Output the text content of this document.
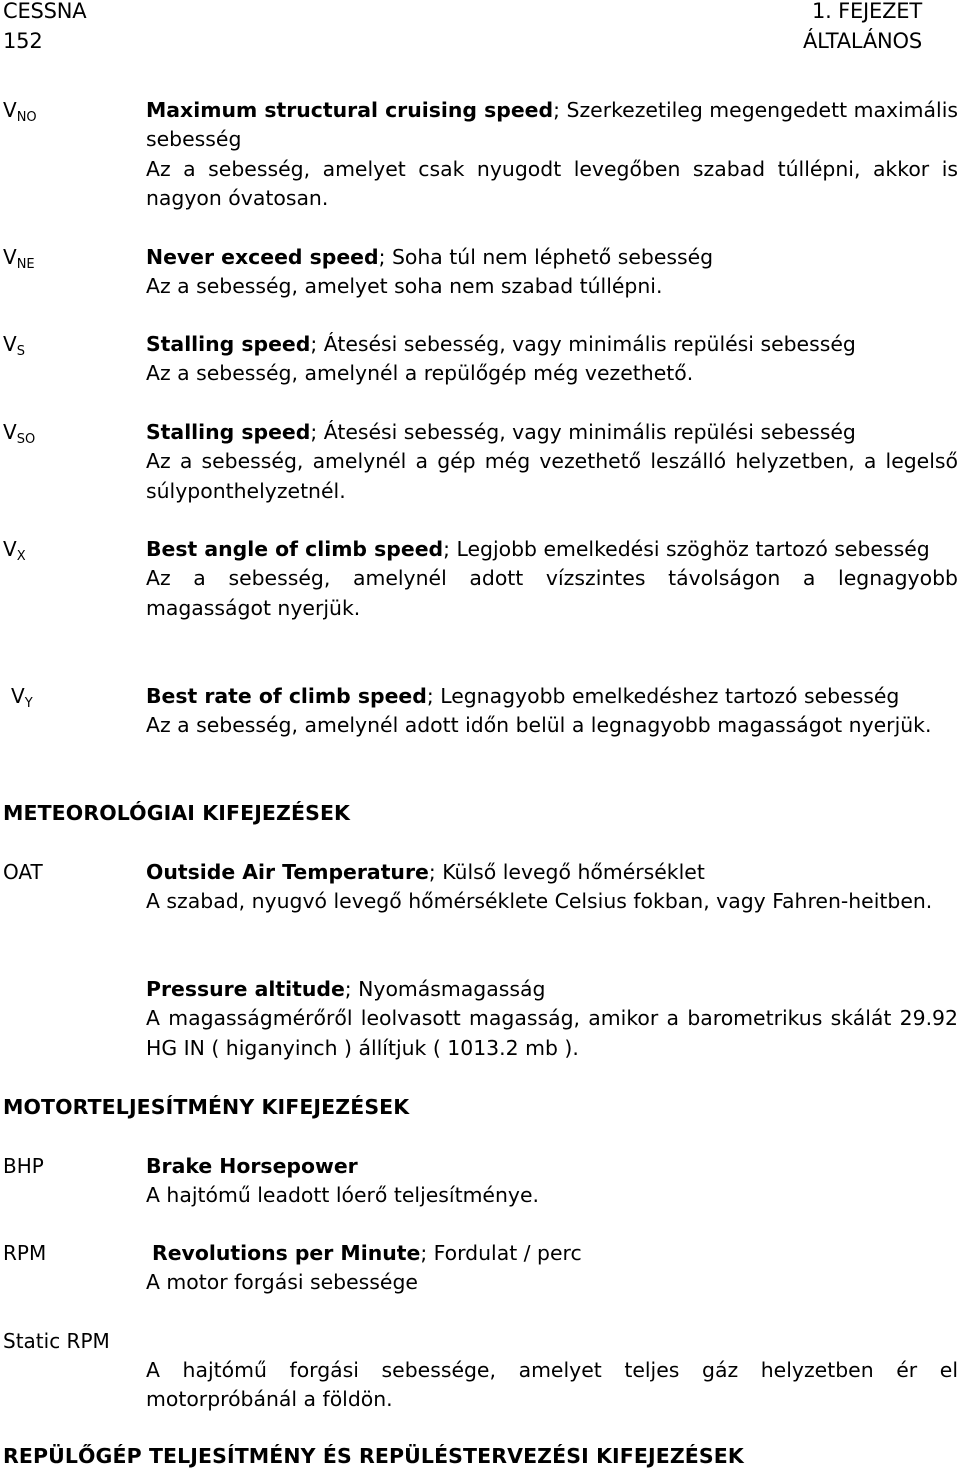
CESSNA
152
1. FEJEZET
ÁLTALÁNOS
$V_{NO}$	Maximum structural cruising speed; Szerkezetileg megengedett maximális sebesség

Az a sebesség, amelyet csak nyugodt levegőben szabad túllépni, akkor is nagyon óvatosan.

$V_{NE}$	Never exceed speed; Soha túl nem léphető sebesség

Az a sebesség, amelyet soha nem szabad túllépni.

$V_S$	Stalling speed; Átesési sebesség, vagy minimális repülési sebesség

Az a sebesség, amelynél a repülőgép még vezethető.

$V_{SO}$	Stalling speed; Átesési sebesség, vagy minimális repülési sebesség

Az a sebesség, amelynél a gép még vezethető leszálló helyzetben, a legelső súlyponthelyzetnél.

$V_X$	Best angle of climb speed; Legjobb emelkedési szöghöz tartozó sebesség

Az a sebesség, amelynél adott vízszintes távolságon a legnagyobb magasságot nyerjük.

$V_Y$	Best rate of climb speed; Legnagyobb emelkedéshez tartozó sebesség

Az a sebesség, amelynél adott időn belül a legnagyobb magasságot nyerjük.

METEOROLÓGIAI KIFEJEZÉSEK
OAT	Outside Air Temperature; Külső levegő hőmérséklet

A szabad, nyugvó levegő hőmérséklete Celsius fokban, vagy Fahren-heitben.

Pressure altitude; Nyomásmagasság

A magasságmérőről leolvasott magasság, amikor a barometrikus skálát 29.92 HG IN ( higanyinch ) állítjuk ( 1013.2 mb ).

MOTORTELJESÍTMÉNY KIFEJEZÉSEK
BHP	Brake Horsepower

A hajtómű leadott lóerő teljesítménye.

RPM	Revolutions per Minute; Fordulat / perc

A motor forgási sebessége

Static RPM

A hajtómű forgási sebessége, amelyet teljes gáz helyzetben ér el motorpróbánál a földön.

REPÜLŐGÉP TELJESÍTMÉNY ÉS REPÜLÉSTERVEZÉSI KIFEJEZÉSEK
